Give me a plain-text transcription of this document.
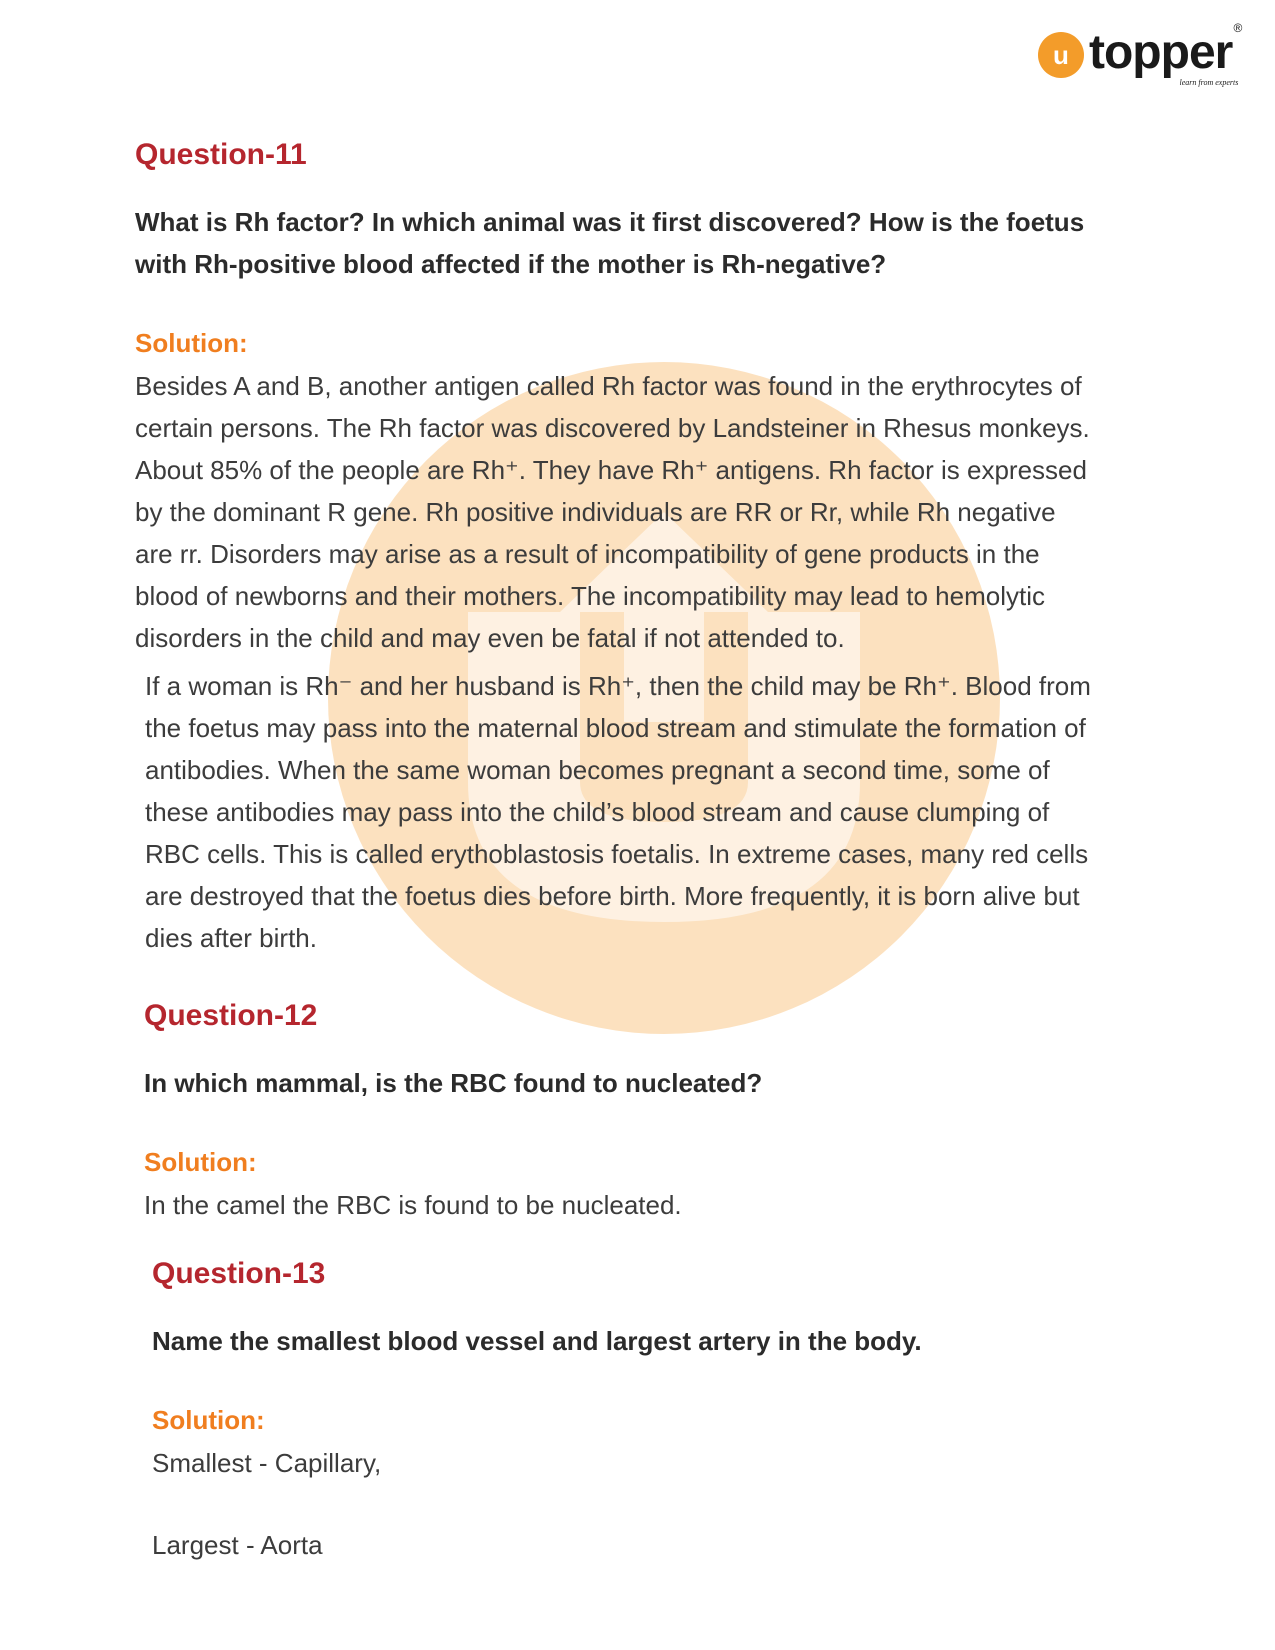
u topper ®
learn from experts
Question-11

What is Rh factor? In which animal was it first discovered? How is the foetus with Rh-positive blood affected if the mother is Rh-negative?

Solution:

Besides A and B, another antigen called Rh factor was found in the erythrocytes of certain persons. The Rh factor was discovered by Landsteiner in Rhesus monkeys. About 85% of the people are Rh⁺. They have Rh⁺ antigens. Rh factor is expressed by the dominant R gene. Rh positive individuals are RR or Rr, while Rh negative are rr. Disorders may arise as a result of incompatibility of gene products in the blood of newborns and their mothers. The incompatibility may lead to hemolytic disorders in the child and may even be fatal if not attended to.

If a woman is Rh⁻ and her husband is Rh⁺, then the child may be Rh⁺. Blood from the foetus may pass into the maternal blood stream and stimulate the formation of antibodies. When the same woman becomes pregnant a second time, some of these antibodies may pass into the child’s blood stream and cause clumping of RBC cells. This is called erythoblastosis foetalis. In extreme cases, many red cells are destroyed that the foetus dies before birth. More frequently, it is born alive but dies after birth.

Question-12

In which mammal, is the RBC found to nucleated?

Solution:

In the camel the RBC is found to be nucleated.

Question-13

Name the smallest blood vessel and largest artery in the body.

Solution:

Smallest - Capillary,

Largest - Aorta
